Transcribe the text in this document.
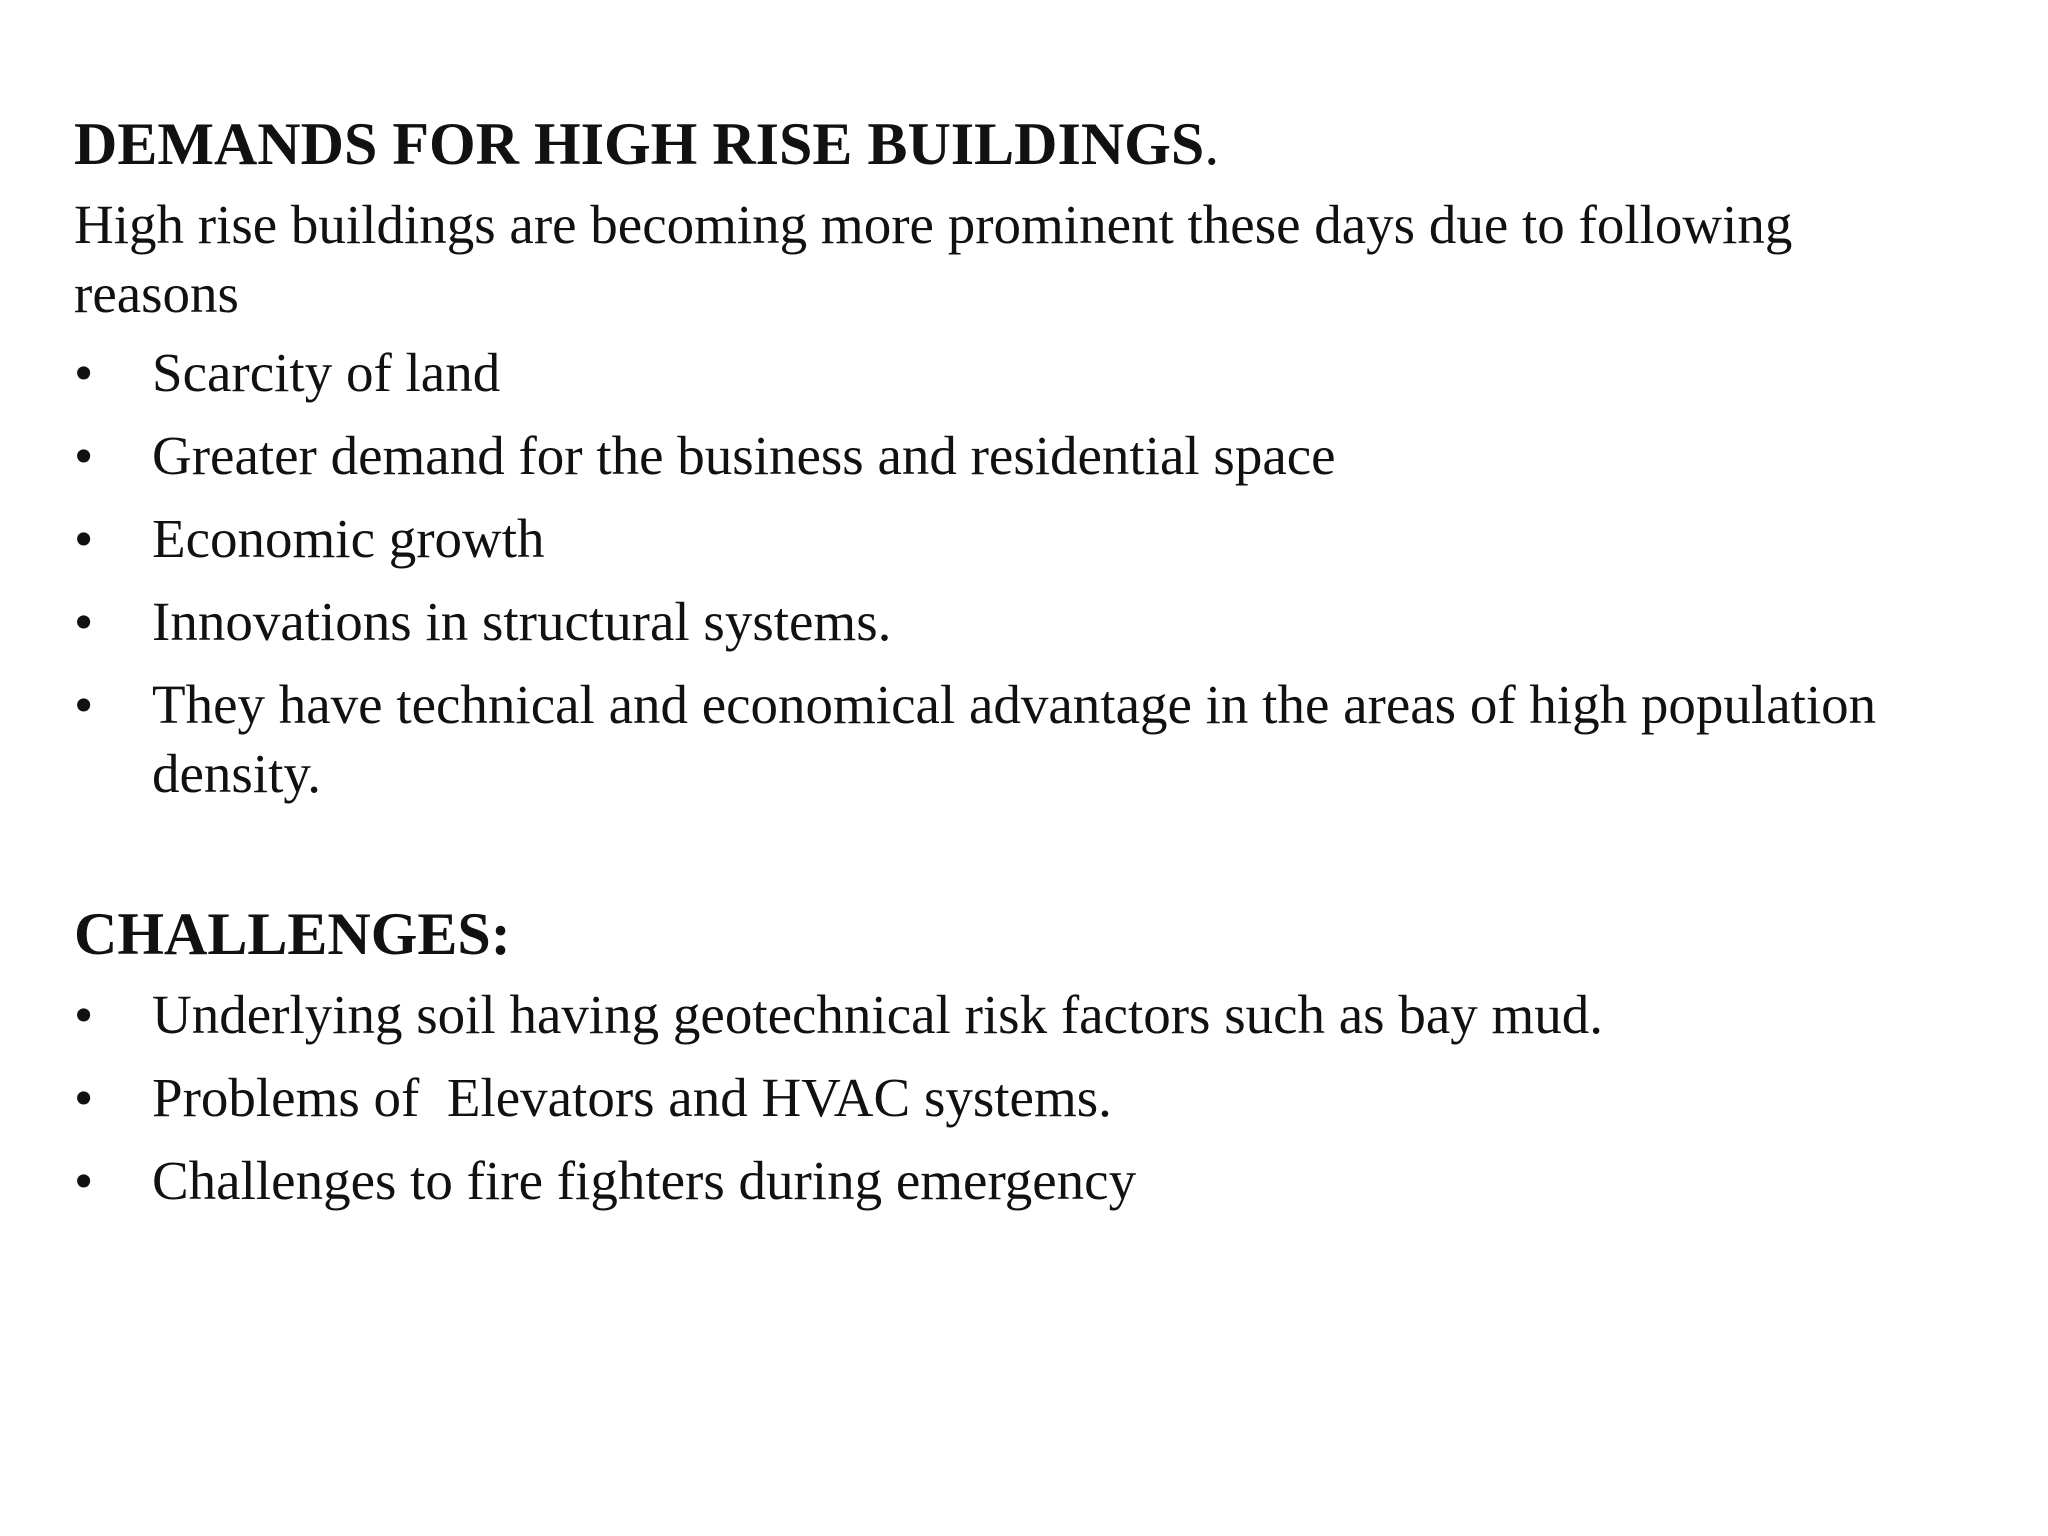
DEMANDS FOR HIGH RISE BUILDINGS.

High rise buildings are becoming more prominent these days due to following reasons

•	Scarcity of land
•	Greater demand for the business and residential space
•	Economic growth
•	Innovations in structural systems.
•	They have technical and economical advantage in the areas of high population density.
CHALLENGES:
•	Underlying soil having geotechnical risk factors such as bay mud.
•	Problems of  Elevators and HVAC systems.
•	Challenges to fire fighters during emergency
